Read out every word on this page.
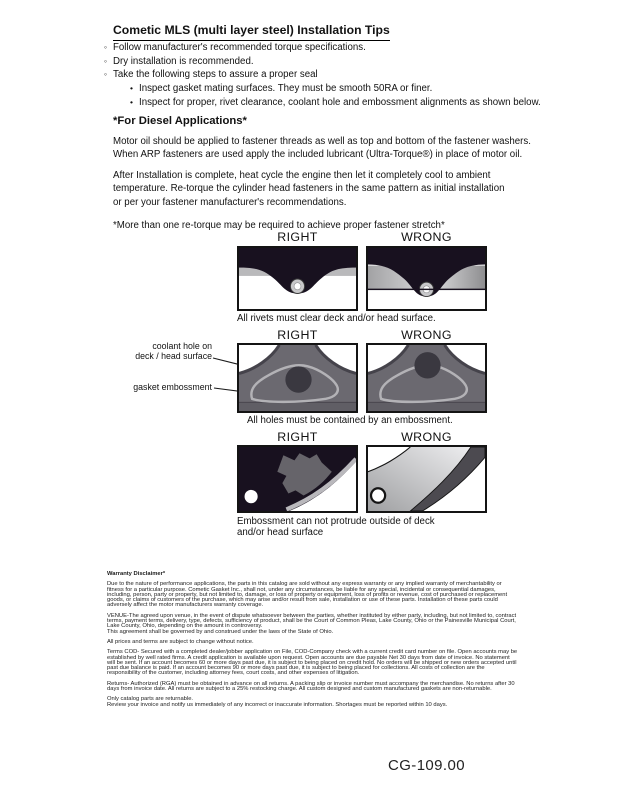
Cometic MLS (multi layer steel) Installation Tips
◦ Follow manufacturer's recommended torque specifications.
◦ Dry installation is recommended.
◦ Take the following steps to assure a proper seal
• Inspect gasket mating surfaces. They must be smooth 50RA or finer.
• Inspect for proper, rivet clearance, coolant hole and embossment alignments as shown below.
*For Diesel Applications*
Motor oil should be applied to fastener threads as well as top and bottom of the fastener washers.
When ARP fasteners are used apply the included lubricant (Ultra-Torque®) in place of motor oil.
After Installation is complete, heat cycle the engine then let it completely cool to ambient
temperature. Re-torque the cylinder head fasteners in the same pattern as initial installation
or per your fastener manufacturer's recommendations.
*More than one re-torque may be required to achieve proper fastener stretch*
RIGHT	WRONG
All rivets must clear deck and/or head surface.
RIGHT	WRONG
coolant hole on
deck / head surface
gasket embossment
All holes must be contained by an embossment.
RIGHT	WRONG
Embossment can not protrude outside of deck and/or head surface
Warranty Disclaimer*

Due to the nature of performance applications, the parts in this catalog are sold without any express warranty or any implied warranty of merchantability or fitness for a particular purpose. Cometic Gasket Inc., shall not, under any circumstances, be liable for any special, incidental or consequential damages, including, person, party or property, but not limited to, damage, or loss of property or equipment, loss of profits or revenue, cost of purchased or replacement goods, or claims of customers of the purchase, which may arise and/or result from sale, installation or use of these parts. Installation of these parts could adversely affect the motor manufacturers warranty coverage.

VENUE-The agreed upon venue, in the event of dispute whatsoever between the parties, whether instituted by either party, including, but not limited to, contract terms, payment terms, delivery, type, defects, sufficiency of product, shall be the Court of Common Pleas, Lake County, Ohio or the Painesville Municipal Court, Lake County, Ohio, depending on the amount in controversy.

This agreement shall be governed by and construed under the laws of the State of Ohio.

All prices and terms are subject to change without notice.

Terms COD- Secured with a completed dealer/jobber application on File, COD-Company check with a current credit card number on file. Open accounts may be established by well rated firms. A credit application is available upon request. Open accounts are due payable Net 30 days from date of invoice. No statement will be sent. If an account becomes 60 or more days past due, it is subject to being placed on credit hold. No orders will be shipped or new orders accepted until past due balance is paid. If an account becomes 90 or more days past due, it is subject to being placed for collections. All costs of collection are the responsibility of the customer, including attorney fees, court costs, and other expenses of litigation.

Returns- Authorized (RGA) must be obtained in advance on all returns. A packing slip or invoice number must accompany the merchandise. No returns after 30 days from invoice date. All returns are subject to a 25% restocking charge. All custom designed and custom manufactured gaskets are non-returnable.

Only catalog parts are returnable.

Review your invoice and notify us immediately of any incorrect or inaccurate information. Shortages must be reported within 10 days.

CG-109.00
